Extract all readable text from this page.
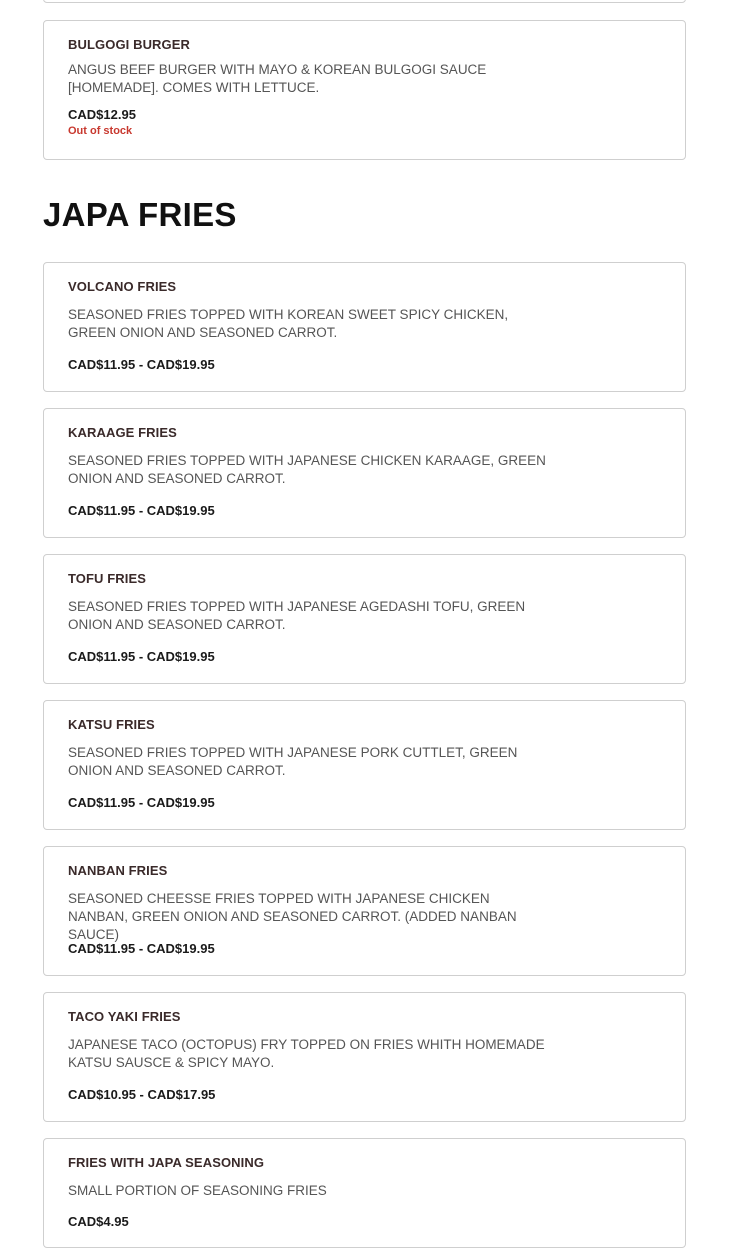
BULGOGI BURGER
ANGUS BEEF BURGER WITH MAYO & KOREAN BULGOGI SAUCE [HOMEMADE]. COMES WITH LETTUCE.
CAD$12.95
Out of stock
JAPA FRIES
VOLCANO FRIES
SEASONED FRIES TOPPED WITH KOREAN SWEET SPICY CHICKEN, GREEN ONION AND SEASONED CARROT.
CAD$11.95 - CAD$19.95
KARAAGE FRIES
SEASONED FRIES TOPPED WITH JAPANESE CHICKEN KARAAGE, GREEN ONION AND SEASONED CARROT.
CAD$11.95 - CAD$19.95
TOFU FRIES
SEASONED FRIES TOPPED WITH JAPANESE AGEDASHI TOFU, GREEN ONION AND SEASONED CARROT.
CAD$11.95 - CAD$19.95
KATSU FRIES
SEASONED FRIES TOPPED WITH JAPANESE PORK CUTTLET, GREEN ONION AND SEASONED CARROT.
CAD$11.95 - CAD$19.95
NANBAN FRIES
SEASONED CHEESSE FRIES TOPPED WITH JAPANESE CHICKEN NANBAN, GREEN ONION AND SEASONED CARROT. (ADDED NANBAN SAUCE)
CAD$11.95 - CAD$19.95
TACO YAKI FRIES
JAPANESE TACO (OCTOPUS) FRY TOPPED ON FRIES WHITH HOMEMADE KATSU SAUSCE & SPICY MAYO.
CAD$10.95 - CAD$17.95
FRIES WITH JAPA SEASONING
SMALL PORTION OF SEASONING FRIES
CAD$4.95
